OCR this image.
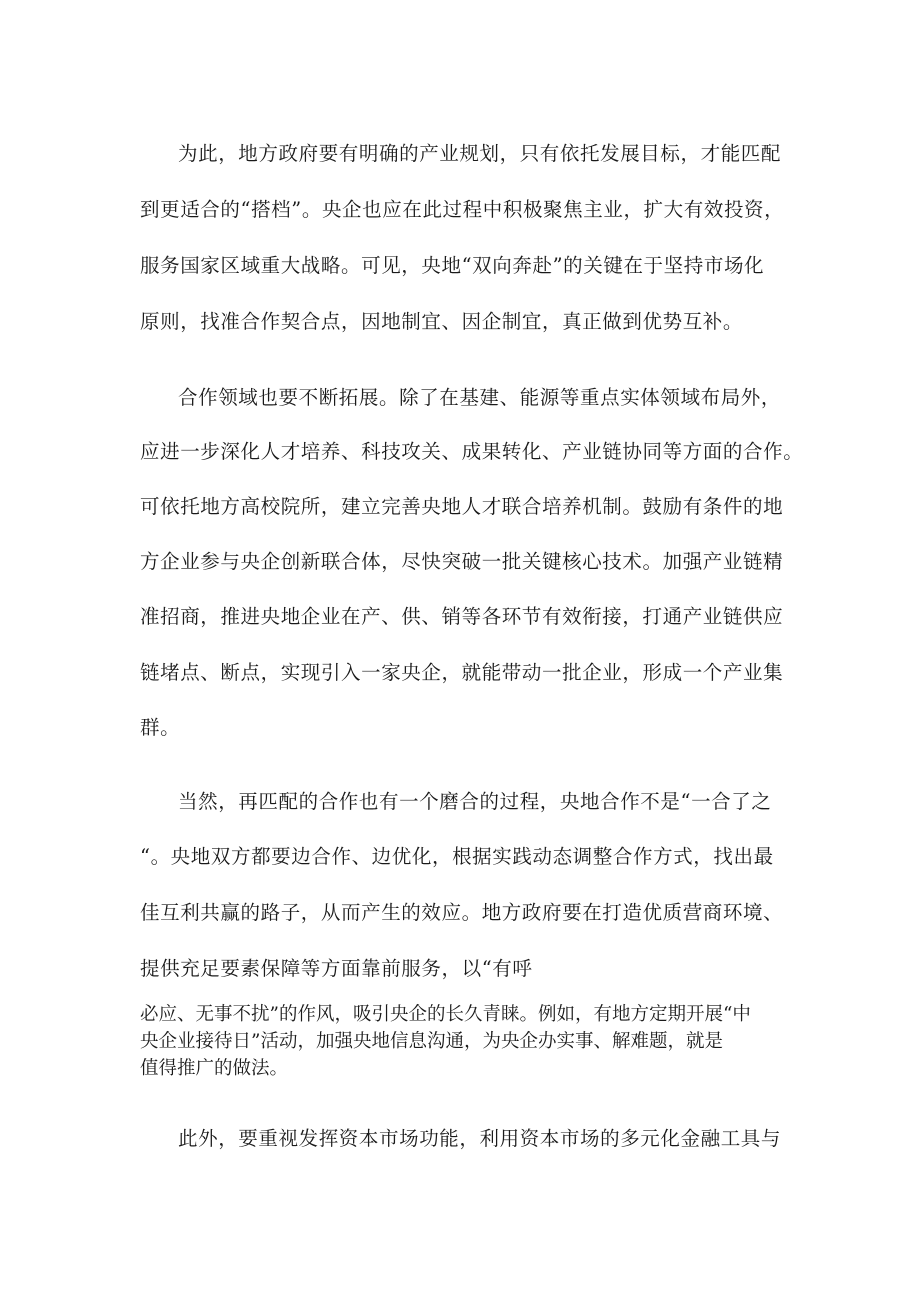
为此，地方政府要有明确的产业规划，只有依托发展目标，才能匹配
到更适合的“搭档”。央企也应在此过程中积极聚焦主业，扩大有效投资，
服务国家区域重大战略。可见，央地“双向奔赴”的关键在于坚持市场化
原则，找准合作契合点，因地制宜、因企制宜，真正做到优势互补。
合作领域也要不断拓展。除了在基建、能源等重点实体领域布局外，
应进一步深化人才培养、科技攻关、成果转化、产业链协同等方面的合作。
可依托地方高校院所，建立完善央地人才联合培养机制。鼓励有条件的地
方企业参与央企创新联合体，尽快突破一批关键核心技术。加强产业链精
准招商，推进央地企业在产、供、销等各环节有效衔接，打通产业链供应
链堵点、断点，实现引入一家央企，就能带动一批企业，形成一个产业集
群。
当然，再匹配的合作也有一个磨合的过程，央地合作不是“一合了之
“。央地双方都要边合作、边优化，根据实践动态调整合作方式，找出最
佳互利共赢的路子，从而产生的效应。地方政府要在打造优质营商环境、
提供充足要素保障等方面靠前服务，以“有呼
必应、无事不扰”的作风，吸引央企的长久青睐。例如，有地方定期开展“中
央企业接待日”活动，加强央地信息沟通，为央企办实事、解难题，就是
值得推广的做法。
此外，要重视发挥资本市场功能，利用资本市场的多元化金融工具与
